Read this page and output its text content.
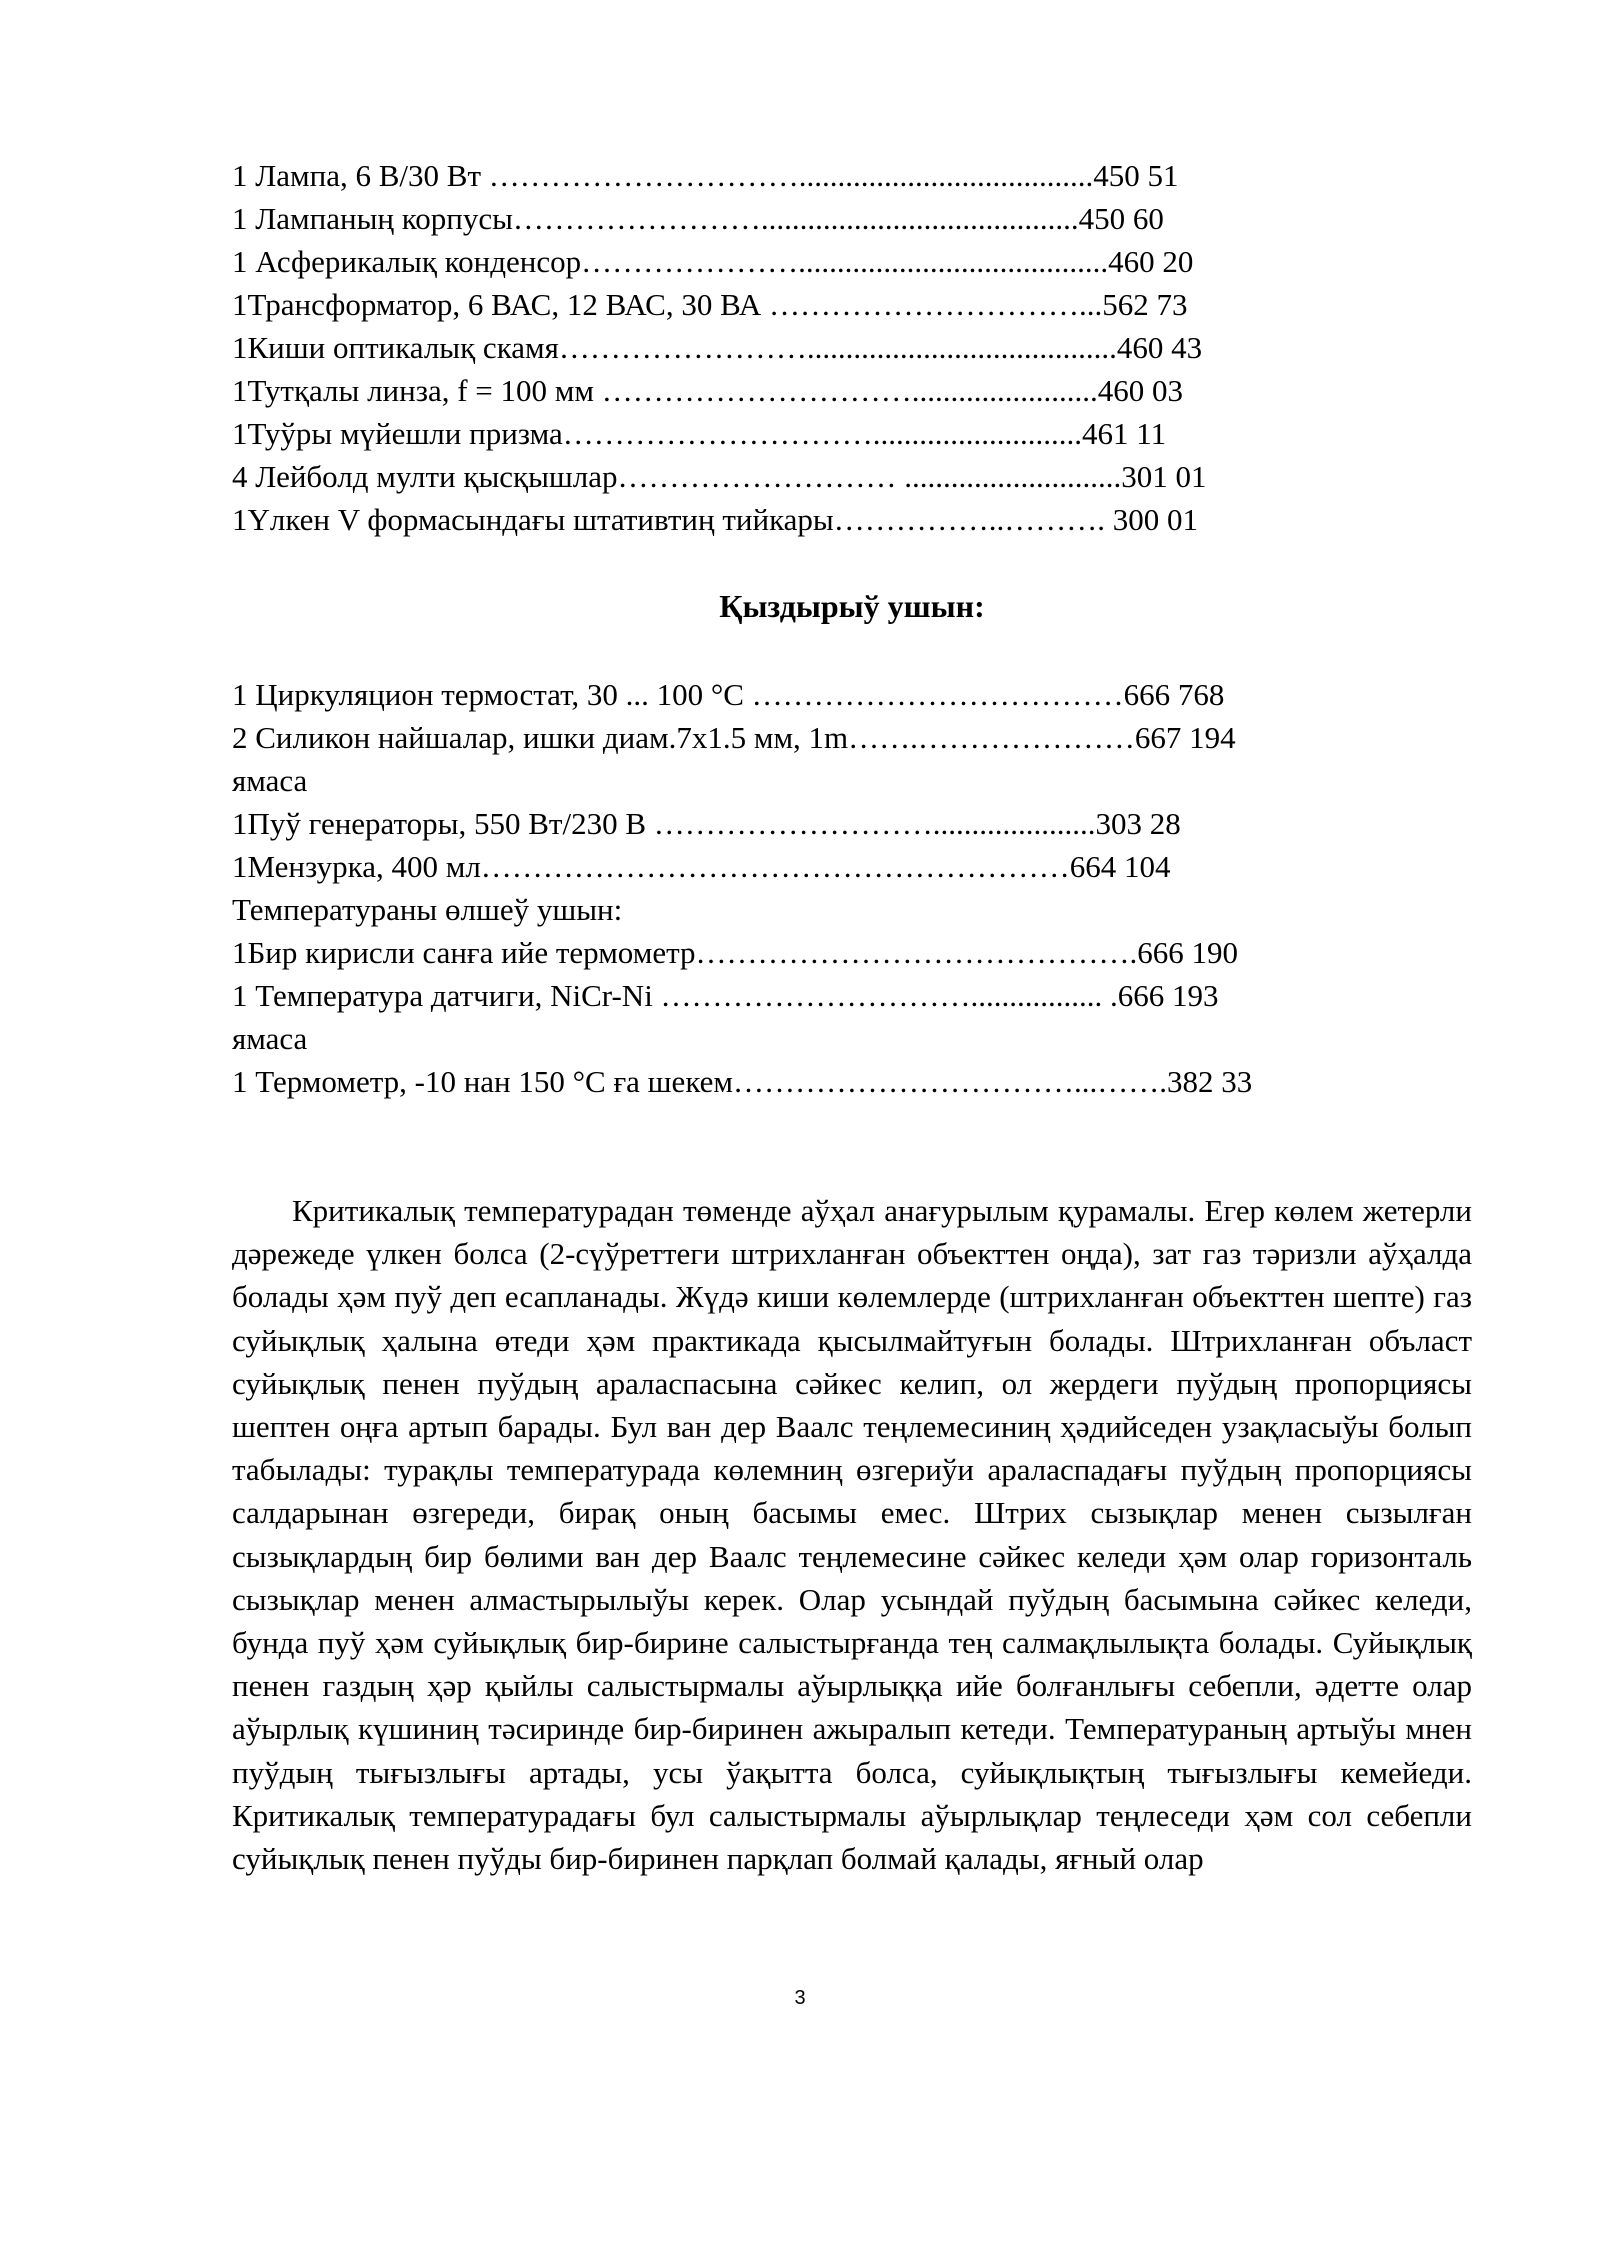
1 Лампа, 6 В/30 Вт …………………………......................................450 51
1 Лампаның корпусы…………………….........................................450 60
1 Асферикалық конденсор…………………........................................460 20
1Трансформатор, 6 ВАС, 12 ВАС, 30 ВА …………………………...562 73
1Киши оптикалық скамя……………………........................................460 43
1Тутқалы линза, f = 100 мм …………………………........................460 03
1Туўры мүйешли призма…………………………...........................461 11
4 Лейболд мулти қысқышлар……………………… ............................301 01
1Үлкен V формасындағы штативтиң тийкары……………..………. 300 01
Қыздырыў ушын:
1 Циркуляцион термостат, 30 ... 100 °C ………………………………666 768
2 Силикон найшалар, ишки диам.7x1.5 мм, 1m…….…………………667 194
ямаса
1Пуў генераторы, 550 Вт/230 В ……………………….....................303 28
1Мензурка, 400 мл…………………………………………………664 104
Температураны өлшеў ушын:
1Бир кирисли санға ийе термометр…………………………………….666 190
1 Температура датчиги, NiCr-Ni …………………………................. .666 193
ямаса
1 Термометр, -10 нан 150 °C ға шекем……………………………...…….382 33

Критикалық температурадан төменде аўҳал анағурылым қурамалы. Егер көлем жетерли дәрежеде үлкен болса (2-сүўреттеги штрихланған объекттен оңда), зат газ тәризли аўҳалда болады ҳәм пуў деп есапланады. Жүдә киши көлемлерде (штрихланған объекттен шепте) газ суйықлық ҳалына өтеди ҳәм практикада қысылмайтуғын болады. Штрихланған объласт суйықлық пенен пуўдың араласпасына сәйкес келип, ол жердеги пуўдың пропорциясы шептен оңға артып барады. Бул ван дер Ваалс теңлемесиниң ҳәдийседен узақласыўы болып табылады: турақлы температурада көлемниң өзгериўи араласпадағы пуўдың пропорциясы салдарынан өзгереди, бирақ оның басымы емес. Штрих сызықлар менен сызылған сызықлардың бир бөлими ван дер Ваалс теңлемесине сәйкес келеди ҳәм олар горизонталь сызықлар менен алмастырылыўы керек. Олар усындай пуўдың басымына сәйкес келеди, бунда пуў ҳәм суйықлық бир-бирине салыстырғанда тең салмақлылықта болады. Суйықлық пенен газдың ҳәр қыйлы салыстырмалы аўырлыққа ийе болғанлығы себепли, әдетте олар аўырлық күшиниң тәсиринде бир-биринен ажыралып кетеди. Температураның артыўы мнен пуўдың тығызлығы артады, усы ўақытта болса, суйықлықтың тығызлығы кемейеди. Критикалық температурадағы бул салыстырмалы аўырлықлар теңлеседи ҳәм сол себепли суйықлық пенен пуўды бир-биринен парқлап болмай қалады, яғный олар

3
